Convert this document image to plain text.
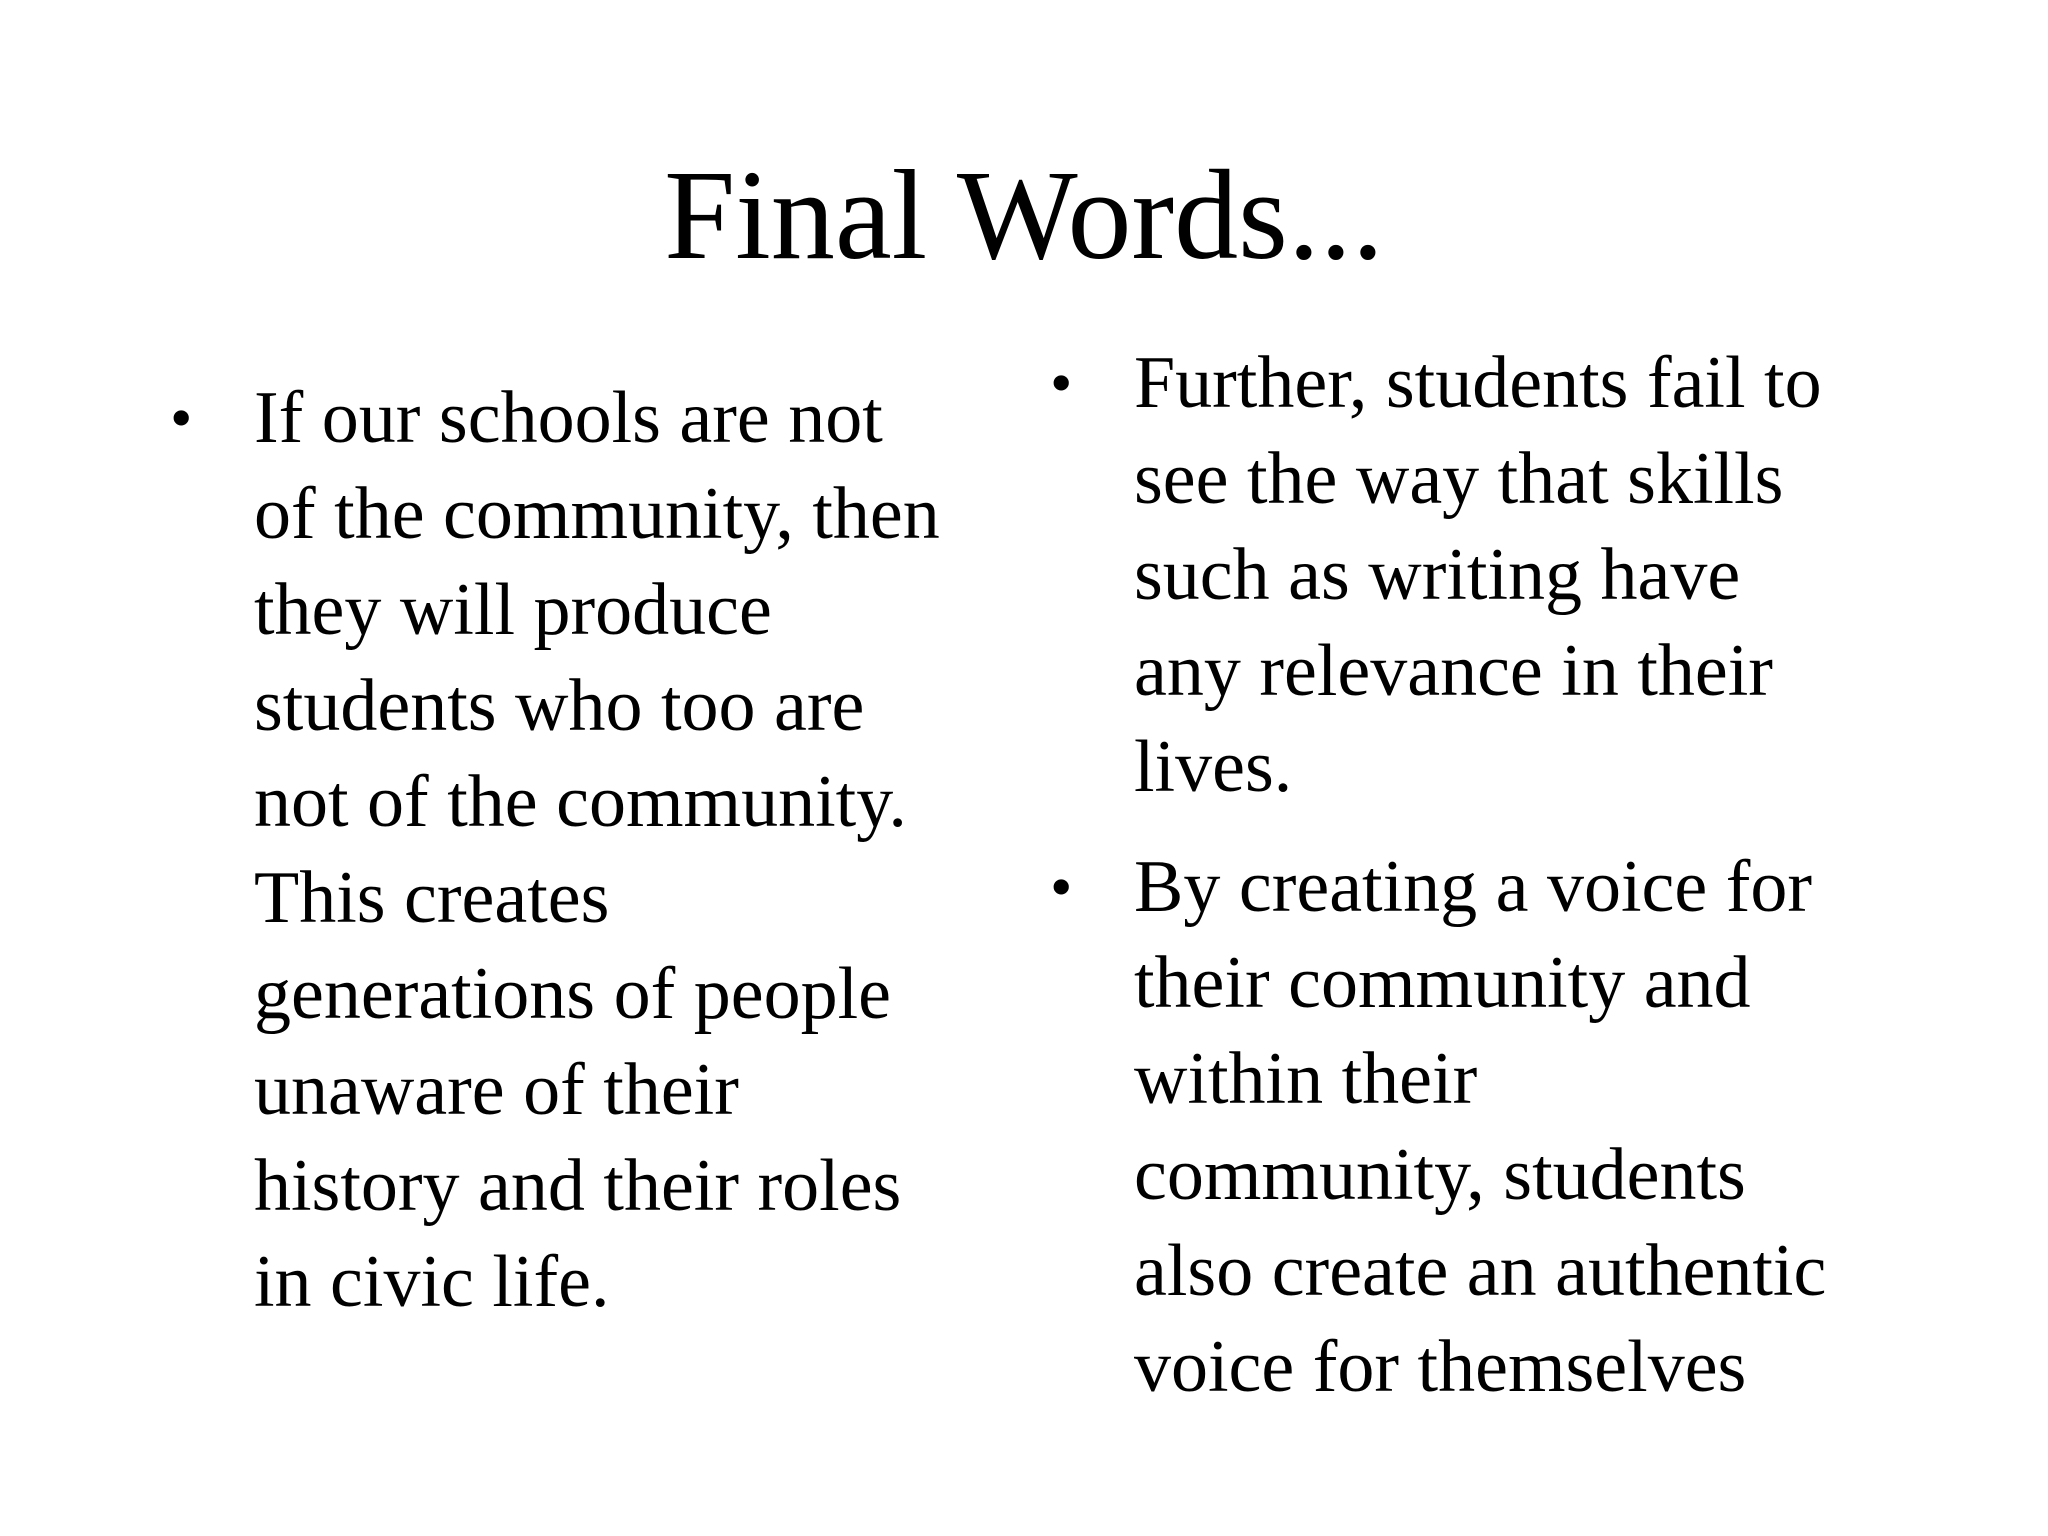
Final Words...
• If our schools are not
of the community, then
they will produce
students who too are
not of the community.
This creates
generations of people
unaware of their
history and their roles
in civic life.
• Further, students fail to
see the way that skills
such as writing have
any relevance in their
lives.
• By creating a voice for
their community and
within their
community, students
also create an authentic
voice for themselves
